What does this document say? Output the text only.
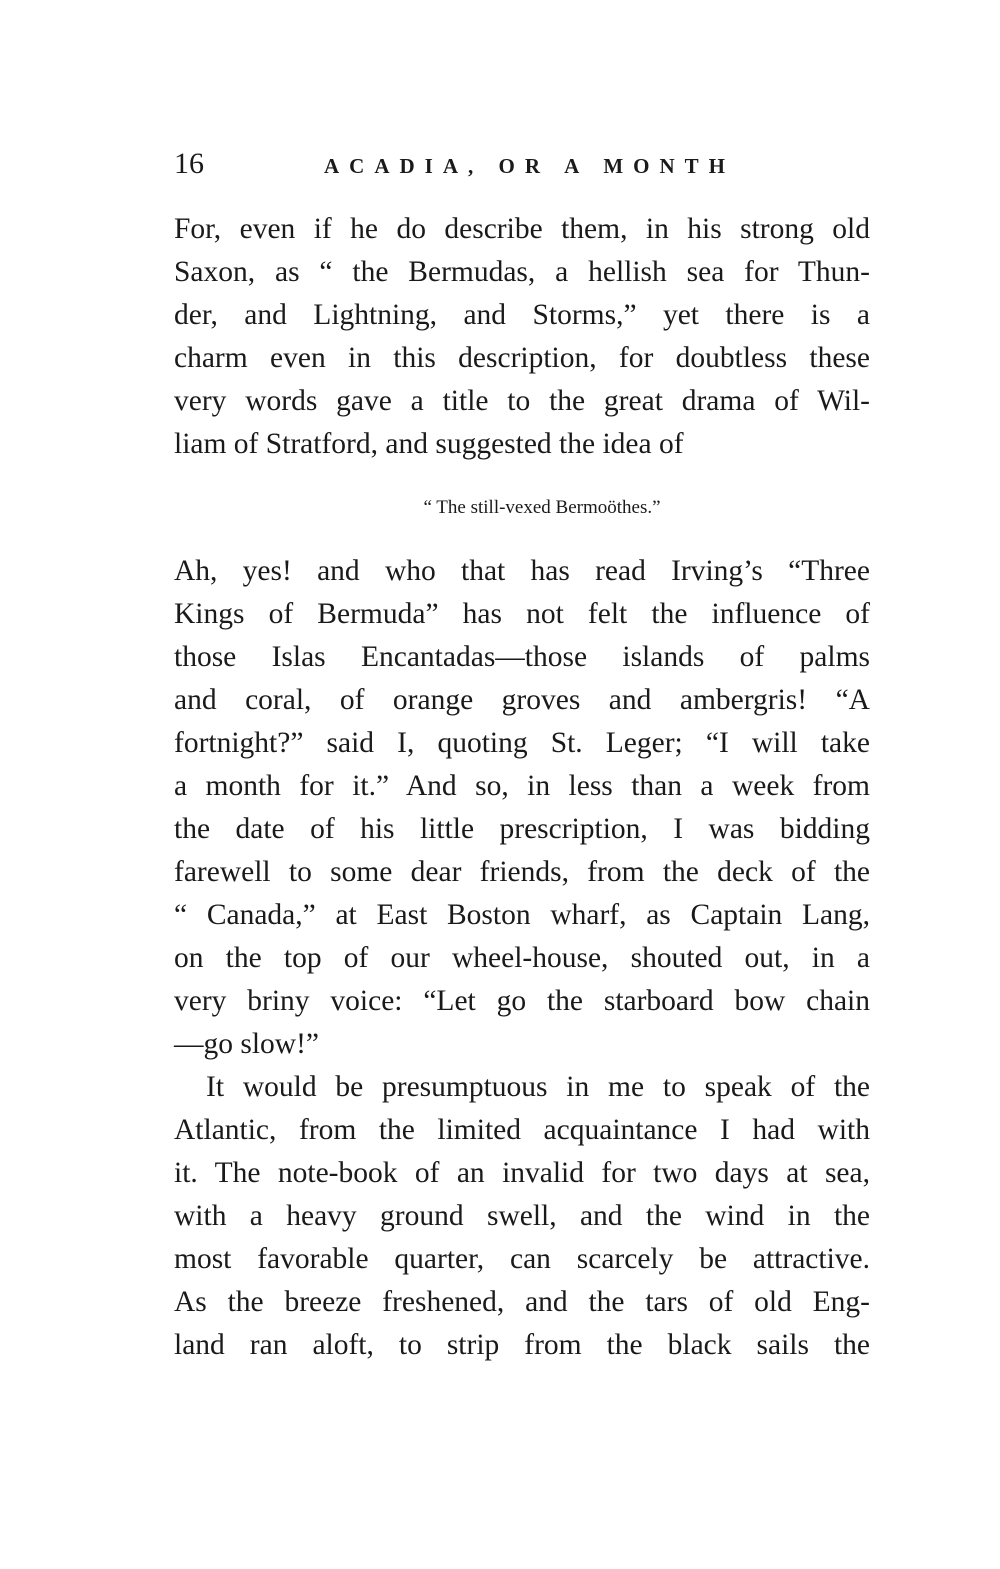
16	ACADIA, OR A MONTH
For, even if he do describe them, in his strong old
Saxon, as “ the Bermudas, a hellish sea for Thun-
der, and Lightning, and Storms,” yet there is a
charm even in this description, for doubtless these
very words gave a title to the great drama of Wil-
liam of Stratford, and suggested the idea of
“ The still-vexed Bermoöthes.”
Ah, yes! and who that has read Irving’s “Three
Kings of Bermuda” has not felt the influence of
those Islas Encantadas—those islands of palms
and coral, of orange groves and ambergris! “A
fortnight?” said I, quoting St. Leger; “I will take
a month for it.” And so, in less than a week from
the date of his little prescription, I was bidding
farewell to some dear friends, from the deck of the
“ Canada,” at East Boston wharf, as Captain Lang,
on the top of our wheel-house, shouted out, in a
very briny voice: “Let go the starboard bow chain
—go slow!”
It would be presumptuous in me to speak of the
Atlantic, from the limited acquaintance I had with
it. The note-book of an invalid for two days at sea,
with a heavy ground swell, and the wind in the
most favorable quarter, can scarcely be attractive.
As the breeze freshened, and the tars of old Eng-
land ran aloft, to strip from the black sails the
